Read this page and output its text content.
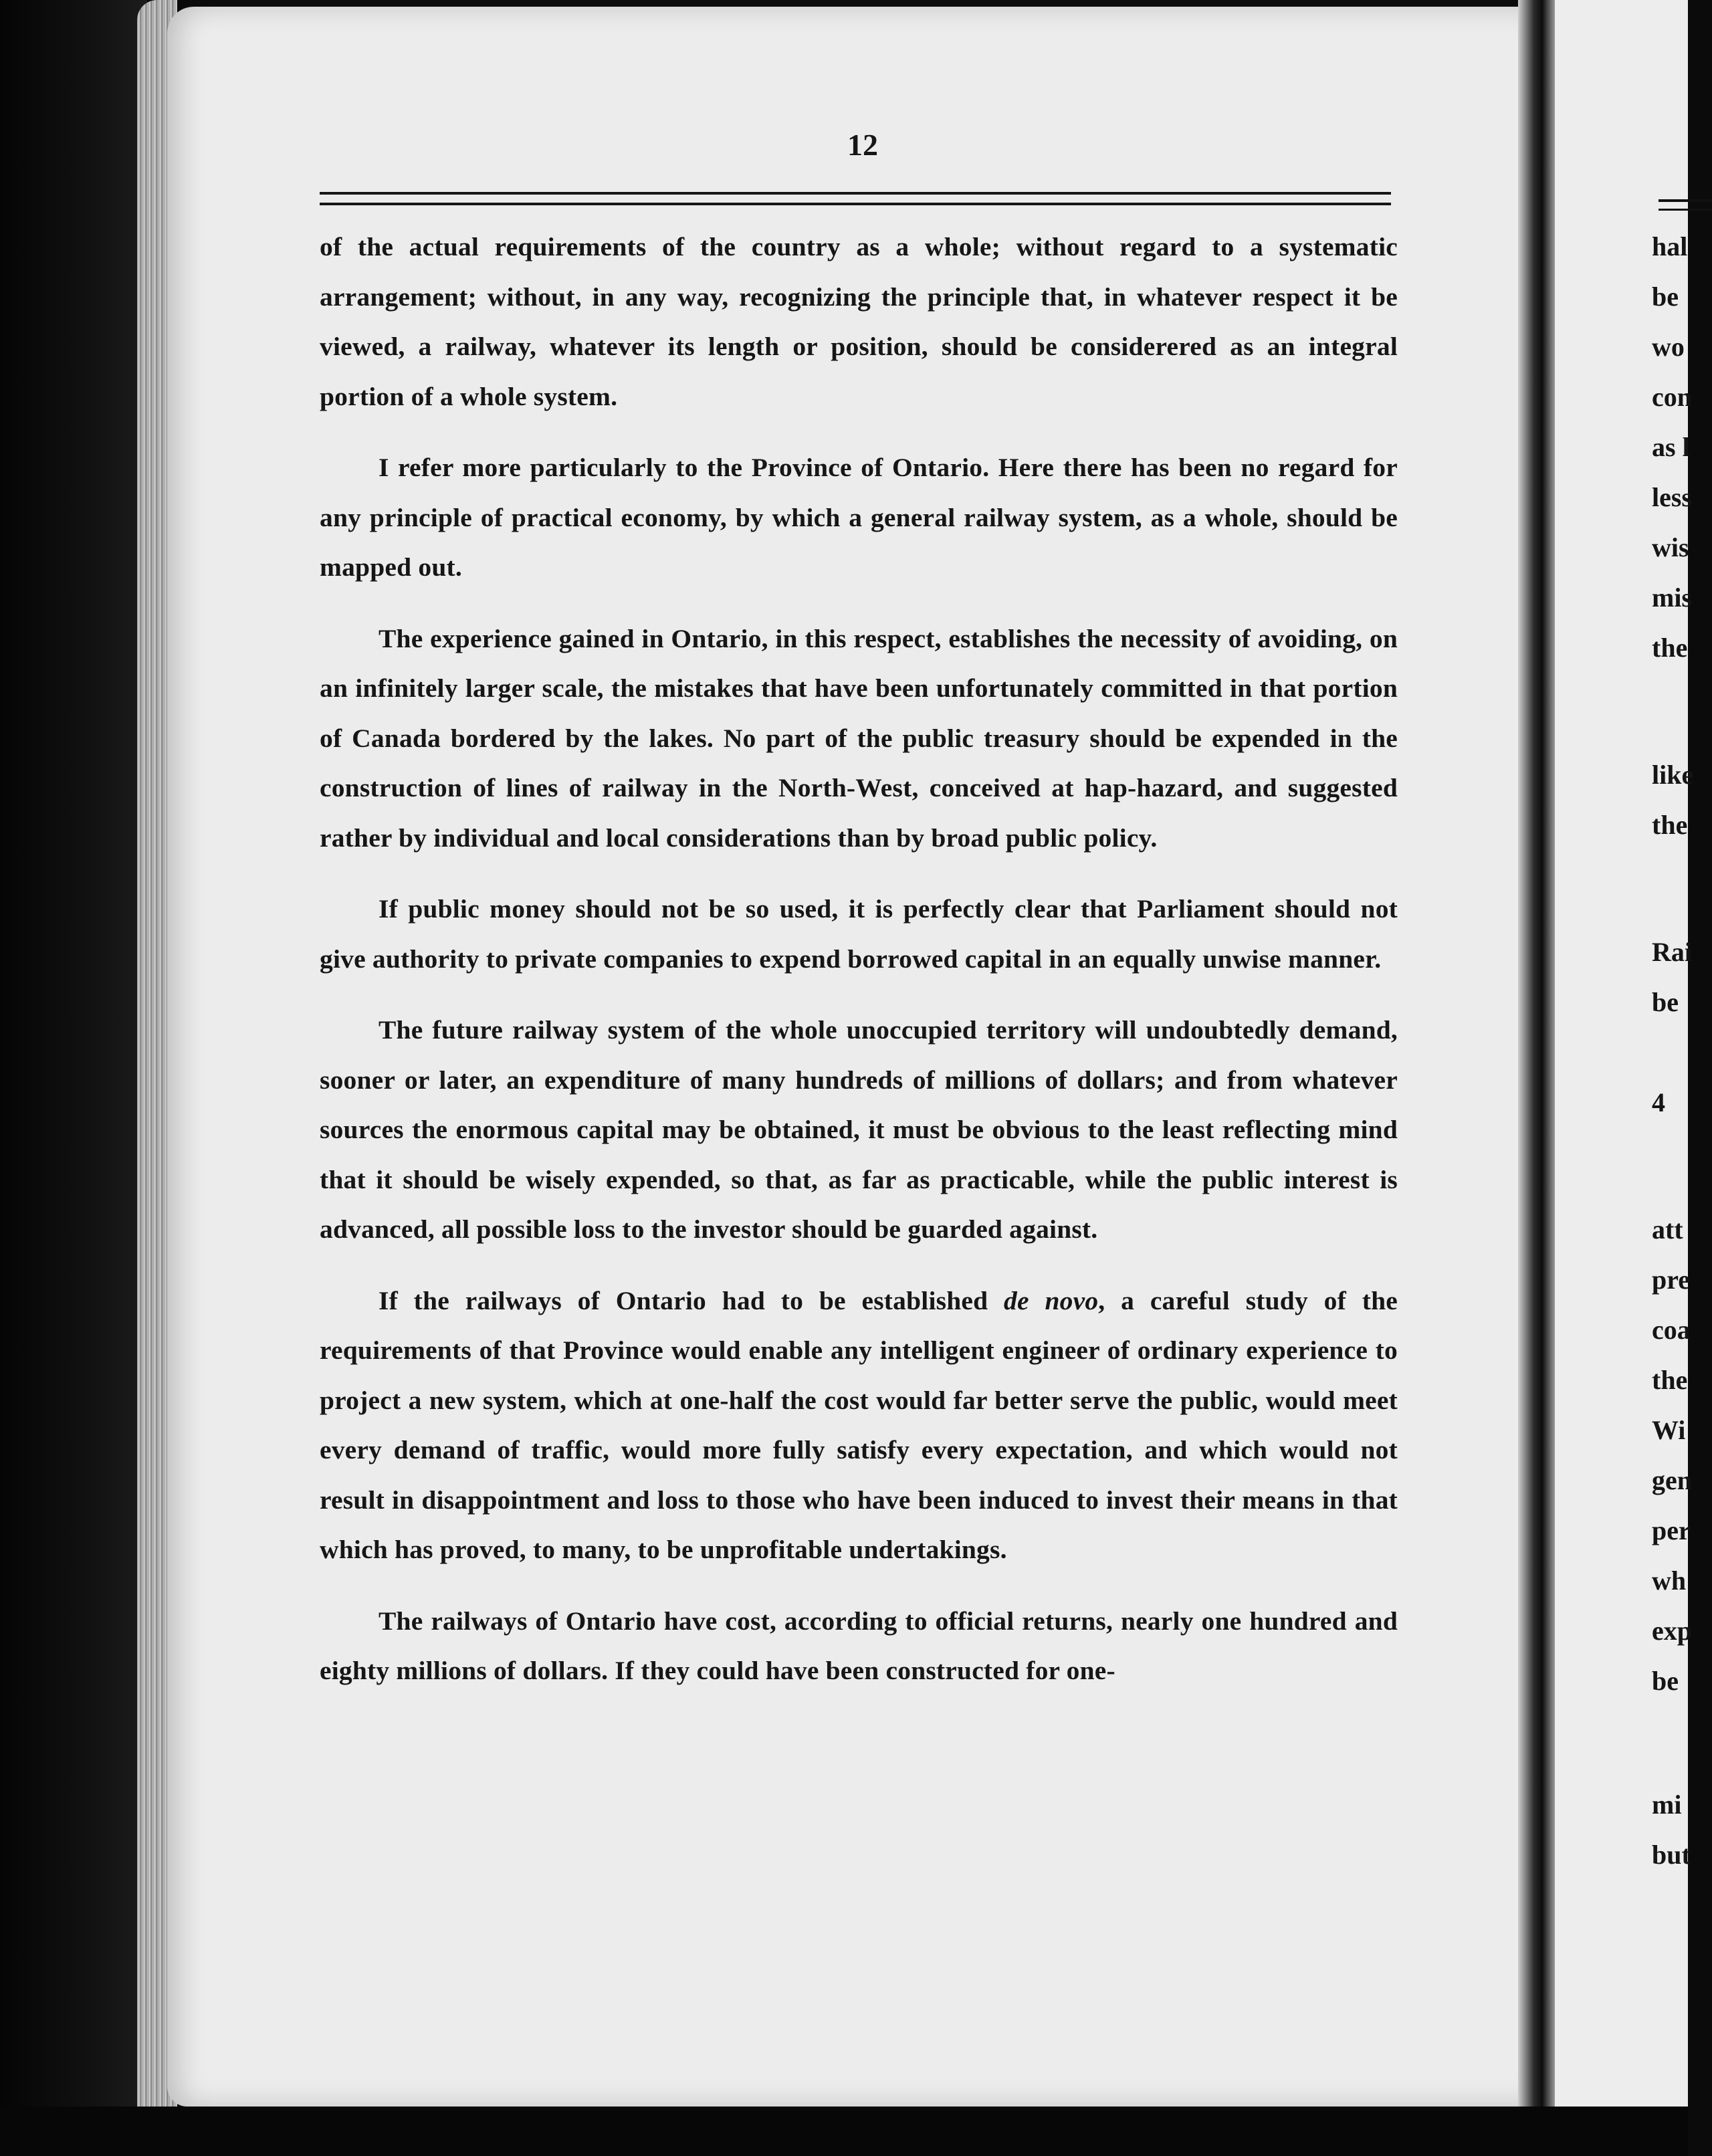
12

of the actual requirements of the country as a whole; without regard to a systematic arrangement; without, in any way, recognizing the principle that, in whatever respect it be viewed, a railway, whatever its length or position, should be considerered as an integral portion of a whole system.

I refer more particularly to the Province of Ontario. Here there has been no regard for any principle of practical economy, by which a general railway system, as a whole, should be mapped out.

The experience gained in Ontario, in this respect, establishes the necessity of avoiding, on an infinitely larger scale, the mistakes that have been unfortunately committed in that portion of Canada bordered by the lakes. No part of the public treasury should be expended in the construction of lines of railway in the North-West, conceived at hap-hazard, and suggested rather by individual and local considerations than by broad public policy.

If public money should not be so used, it is perfectly clear that Parliament should not give authority to private companies to expend borrowed capital in an equally unwise manner.

The future railway system of the whole unoccupied territory will undoubtedly demand, sooner or later, an expenditure of many hundreds of millions of dollars; and from whatever sources the enormous capital may be obtained, it must be obvious to the least reflecting mind that it should be wisely expended, so that, as far as practicable, while the public interest is advanced, all possible loss to the investor should be guarded against.

If the railways of Ontario had to be established de novo, a careful study of the requirements of that Province would enable any intelligent engineer of ordinary experience to project a new system, which at one-half the cost would far better serve the public, would meet every demand of traffic, would more fully satisfy every expectation, and which would not result in disappointment and loss to those who have been induced to invest their means in that which has proved, to many, to be unprofitable undertakings.

The railways of Ontario have cost, according to official returns, nearly one hundred and eighty millions of dollars. If they could have been constructed for one-

hal
be
wo
con
as l
less
wis
mis
the
like
the
Rai
be
4
att
pre
coa
the
Wi
gen
per
wh
exp
be
mi
but
